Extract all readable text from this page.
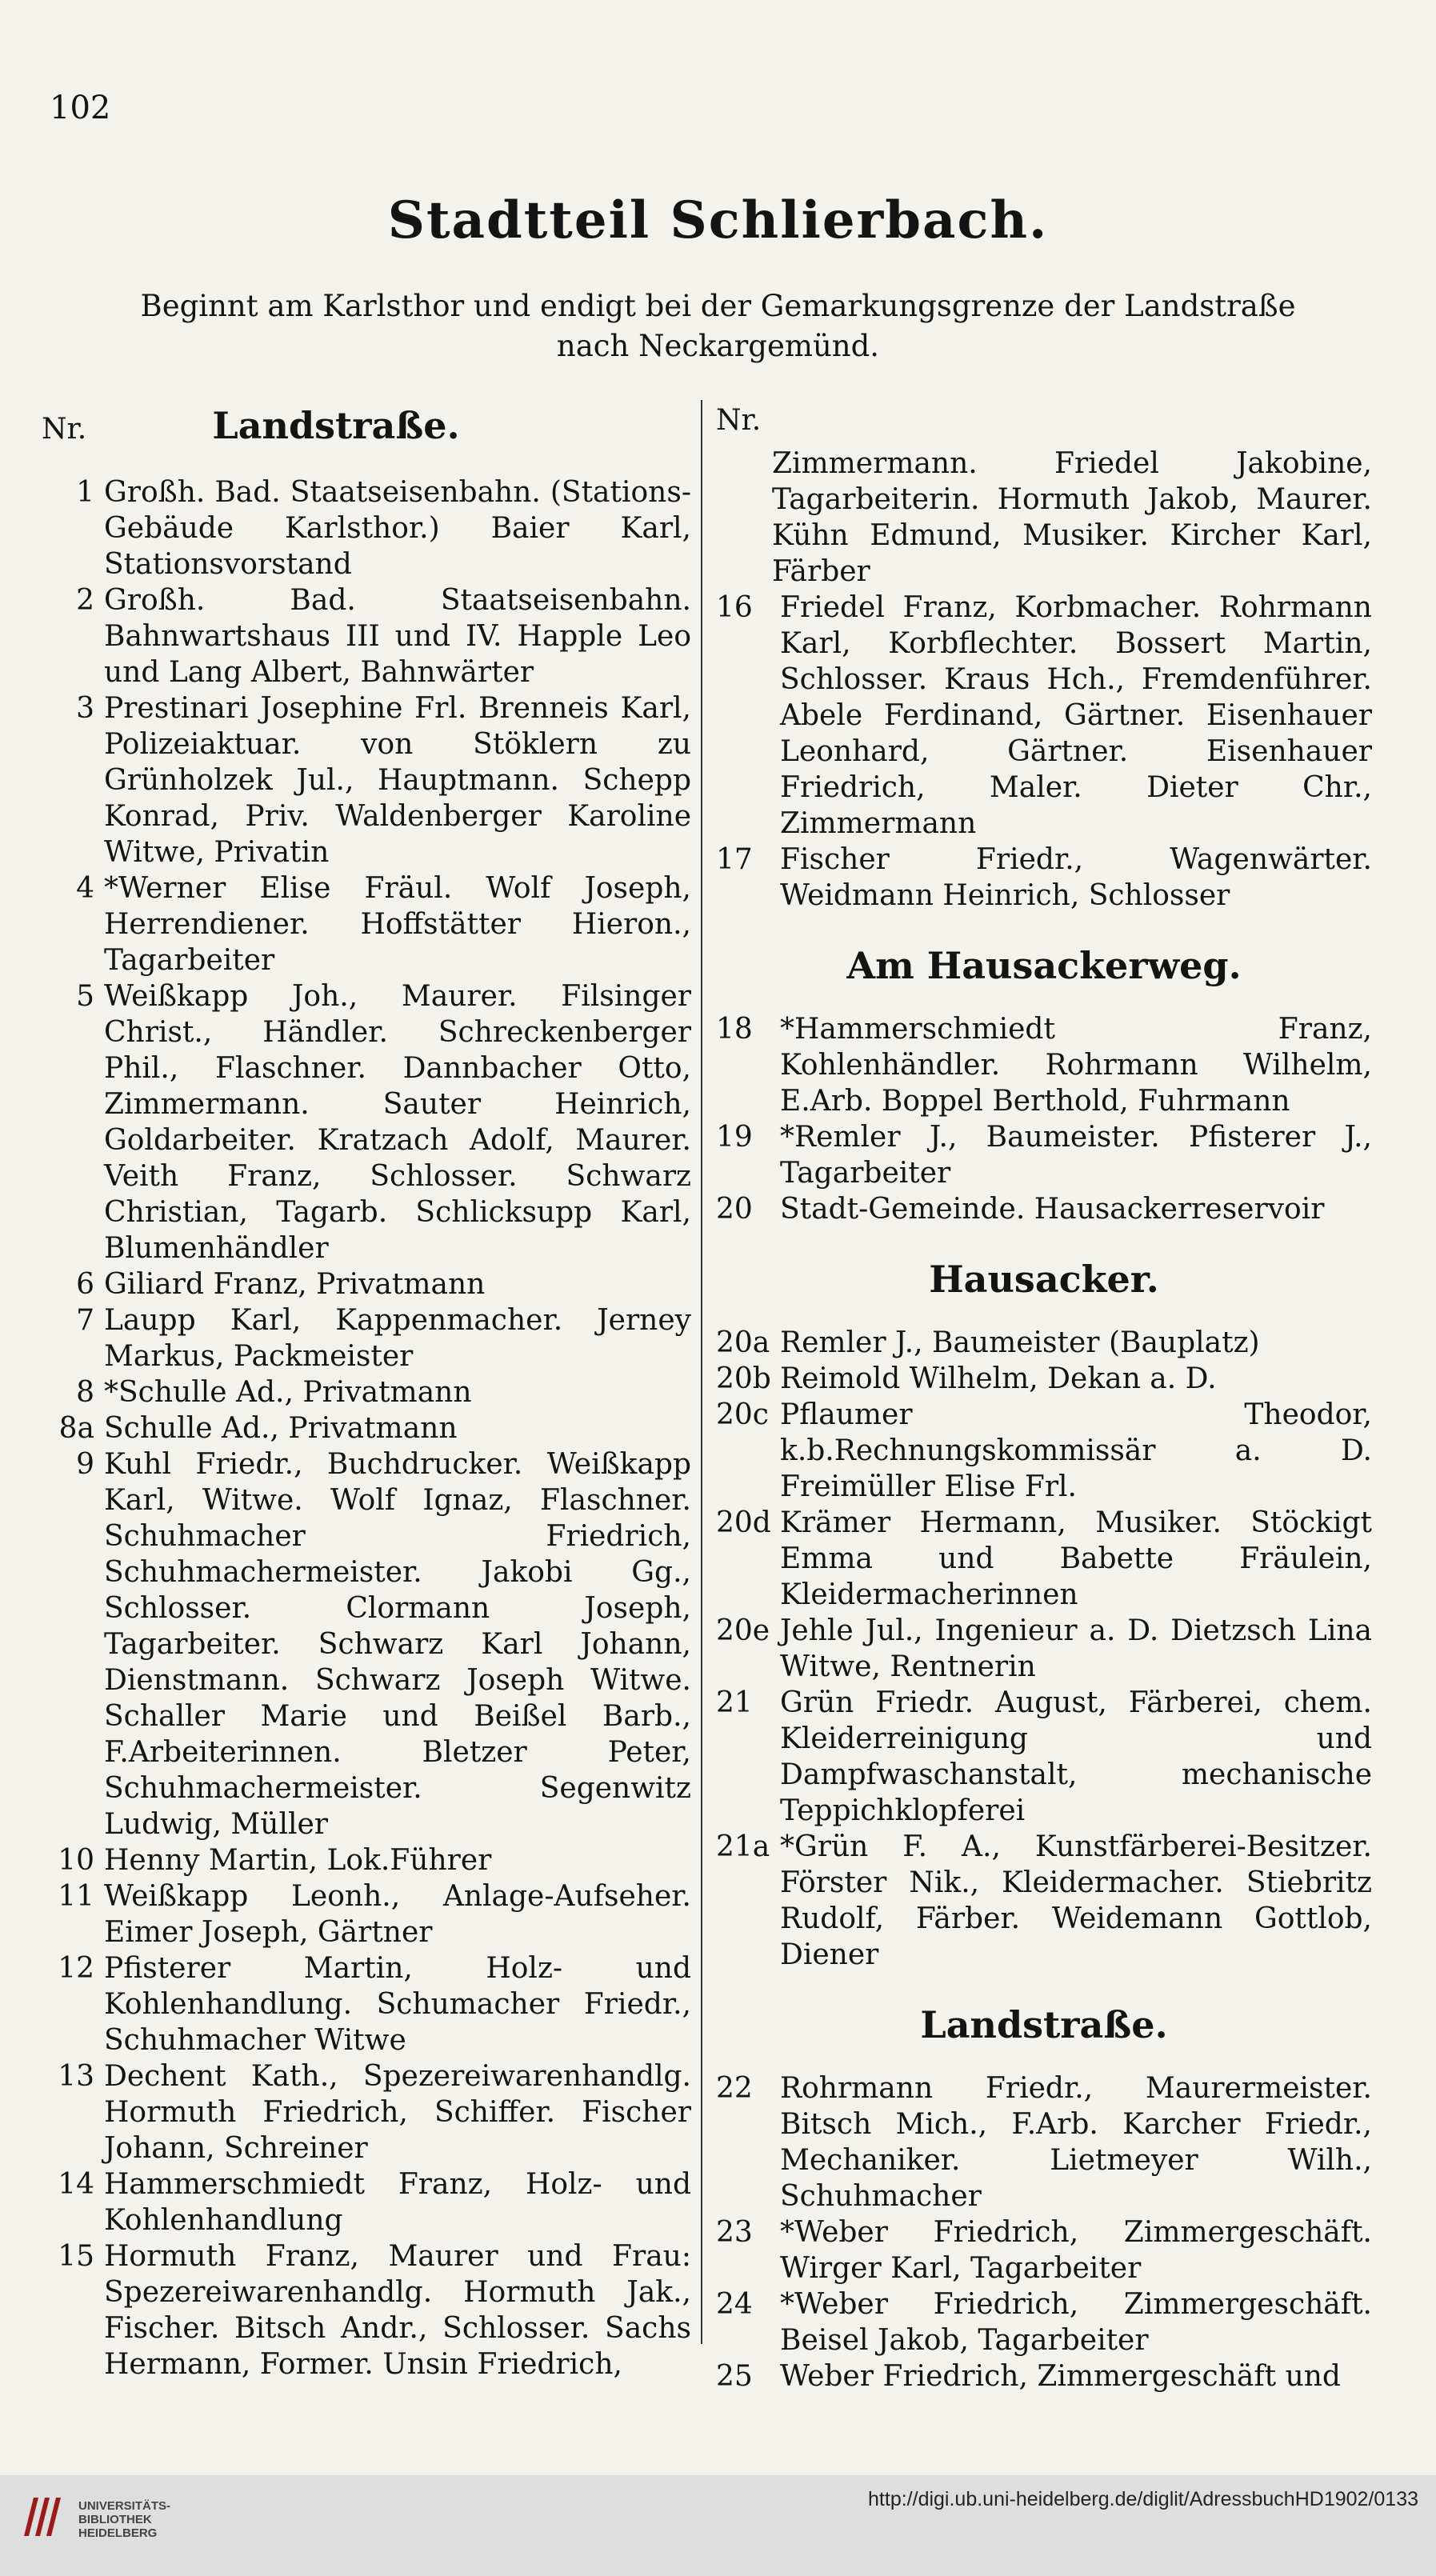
102
Stadtteil Schlierbach.
Beginnt am Karlsthor und endigt bei der Gemarkungsgrenze der Landstraße nach Neckargemünd.
Nr.	Landstraße.
1 Großh. Bad. Staatseisenbahn. (Stations-Gebäude Karlsthor.) Baier Karl, Stationsvorstand
2 Großh. Bad. Staatseisenbahn. Bahnwartshaus III und IV. Happle Leo und Lang Albert, Bahnwärter
3 Prestinari Josephine Frl. Brenneis Karl, Polizeiaktuar. von Stöklern zu Grünholzek Jul., Hauptmann. Schepp Konrad, Priv. Waldenberger Karoline Witwe, Privatin
4 *Werner Elise Fräul. Wolf Joseph, Herrendiener. Hoffstätter Hieron., Tagarbeiter
5 Weißkapp Joh., Maurer. Filsinger Christ., Händler. Schreckenberger Phil., Flaschner. Dannbacher Otto, Zimmermann. Sauter Heinrich, Goldarbeiter. Kratzach Adolf, Maurer. Veith Franz, Schlosser. Schwarz Christian, Tagarb. Schlicksupp Karl, Blumenhändler
6 Giliard Franz, Privatmann
7 Laupp Karl, Kappenmacher. Jerney Markus, Packmeister
8 *Schulle Ad., Privatmann
8a Schulle Ad., Privatmann
9 Kuhl Friedr., Buchdrucker. Weißkapp Karl, Witwe. Wolf Ignaz, Flaschner. Schuhmacher Friedrich, Schuhmachermeister. Jakobi Gg., Schlosser. Clormann Joseph, Tagarbeiter. Schwarz Karl Johann, Dienstmann. Schwarz Joseph Witwe. Schaller Marie und Beißel Barb., F.Arbeiterinnen. Bletzer Peter, Schuhmachermeister. Segenwitz Ludwig, Müller
10 Henny Martin, Lok.Führer
11 Weißkapp Leonh., Anlage-Aufseher. Eimer Joseph, Gärtner
12 Pfisterer Martin, Holz- und Kohlenhandlung. Schumacher Friedr., Schuhmacher Witwe
13 Dechent Kath., Spezereiwarenhandlg. Hormuth Friedrich, Schiffer. Fischer Johann, Schreiner
14 Hammerschmiedt Franz, Holz- und Kohlenhandlung
15 Hormuth Franz, Maurer und Frau: Spezereiwarenhandlg. Hormuth Jak., Fischer. Bitsch Andr., Schlosser. Sachs Hermann, Former. Unsin Friedrich,
Nr.
Zimmermann. Friedel Jakobine, Tagarbeiterin. Hormuth Jakob, Maurer. Kühn Edmund, Musiker. Kircher Karl, Färber
16 Friedel Franz, Korbmacher. Rohrmann Karl, Korbflechter. Bossert Martin, Schlosser. Kraus Hch., Fremdenführer. Abele Ferdinand, Gärtner. Eisenhauer Leonhard, Gärtner. Eisenhauer Friedrich, Maler. Dieter Chr., Zimmermann
17 Fischer Friedr., Wagenwärter. Weidmann Heinrich, Schlosser
Am Hausackerweg.
18 *Hammerschmiedt Franz, Kohlenhändler. Rohrmann Wilhelm, E.Arb. Boppel Berthold, Fuhrmann
19 *Remler J., Baumeister. Pfisterer J., Tagarbeiter
20 Stadt-Gemeinde. Hausackerreservoir
Hausacker.
20a Remler J., Baumeister (Bauplatz)
20b Reimold Wilhelm, Dekan a. D.
20c Pflaumer Theodor, k.b.Rechnungskommissär a. D. Freimüller Elise Frl.
20d Krämer Hermann, Musiker. Stöckigt Emma und Babette Fräulein, Kleidermacherinnen
20e Jehle Jul., Ingenieur a. D. Dietzsch Lina Witwe, Rentnerin
21 Grün Friedr. August, Färberei, chem. Kleiderreinigung und Dampfwaschanstalt, mechanische Teppichklopferei
21a *Grün F. A., Kunstfärberei-Besitzer. Förster Nik., Kleidermacher. Stiebritz Rudolf, Färber. Weidemann Gottlob, Diener
Landstraße.
22 Rohrmann Friedr., Maurermeister. Bitsch Mich., F.Arb. Karcher Friedr., Mechaniker. Lietmeyer Wilh., Schuhmacher
23 *Weber Friedrich, Zimmergeschäft. Wirger Karl, Tagarbeiter
24 *Weber Friedrich, Zimmergeschäft. Beisel Jakob, Tagarbeiter
25 Weber Friedrich, Zimmergeschäft und
UNIVERSITÄTS-
BIBLIOTHEK
HEIDELBERG
http://digi.ub.uni-heidelberg.de/diglit/AdressbuchHD1902/0133
